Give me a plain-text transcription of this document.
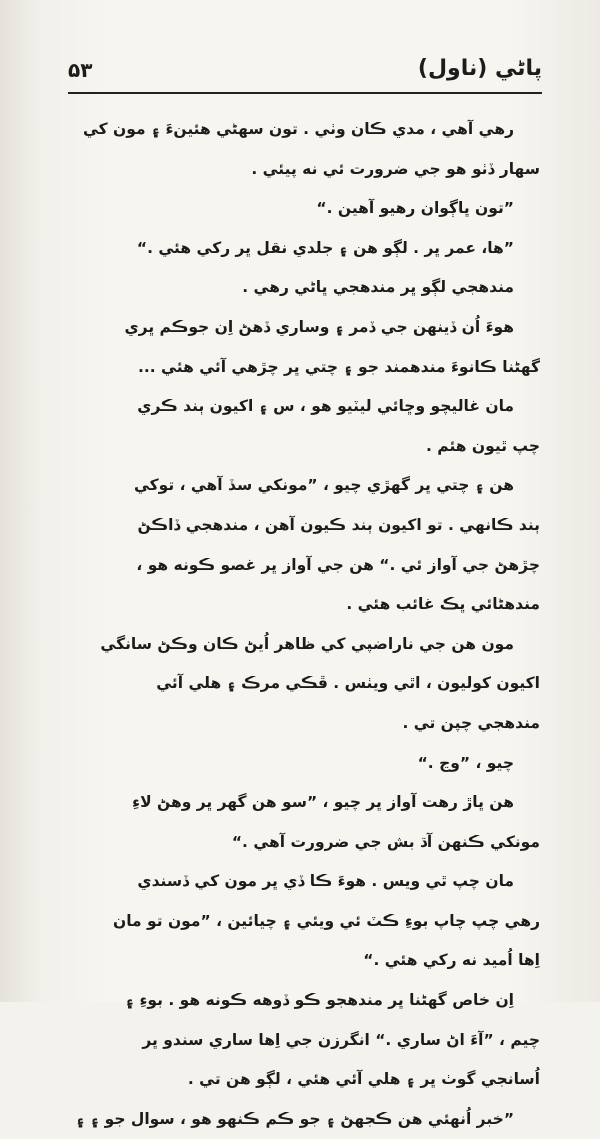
پاڻي (ناول)
۵۳
رهي آهي ، مدي ڪان وٺي . تون سهڻي هئينءَ ۽ مون کي
سهار ڏٺو هو جي ضرورت ئي نه پيئي .
”تون ڀاڳوان رهيو آهين .“
”ها، عمر ڀر . لڳو هن ۽ جلدي نقل ڀر رکي هئي .“
مندهجي لڳو ڀر مندهجي ڀاڻي رهي .
هوءَ اُن ڏينهن جي ڏمر ۽ وساري ڏهڻ اِن جوڪم ڀري
گهڻنا ڪانوءَ مندهمند جو ۽ چتي ڀر چڙهي آئي هئي ...
مان غاليچو وڇائي ليٽيو هو ، س ۽ اکيون ٻند ڪري
چپ ٿيون هئم .
هن ۽ چتي ڀر گهڙي چيو ، ”مونکي سڏ آهي ، توکي
ٻند ڪانهي . تو اکيون ٻند ڪيون آهن ، مندهجي ڏاڪڻ
چڙهڻ جي آواز ئي .“ هن جي آواز ڀر غصو ڪونه هو ،
مندهڻائي ڀڪ غائب هئي .
مون هن جي ناراضپي کي ظاهر اُيڻ ڪان وڪڻ سانگي
اکيون کوليون ، اٿي ويٺس . ڦڪي مرڪ ۽ هلي آئي
مندهجي چپن تي .
چيو ، ”وڃ .“
هن ڀاڙ رهت آواز ڀر چيو ، ”سو هن گهر ڀر وهڻ لاءِ
مونکي ڪنهن آڌ بش جي ضرورت آهي .“
مان چپ ٿي ويس . هوءَ ڪا ڏي ڀر مون کي ڏسندي
رهي چپ چاپ بوءِ ڪٽ ئي ويئي ۽ چيائين ، ”مون تو مان
اِها اُميد نه رکي هئي .“
اِن خاص گهڻنا ڀر مندهجو ڪو ڏوهه ڪونه هو . بوءِ ۽
چيم ، ”آءَ اڻ ساري .“ انگرزن جي اِها ساري سندو ڀر
اُسانجي گوٺ ڀر ۽ هلي آئي هئي ، لڳو هن تي .
”خبر اُنهئي هن ڪجهڻ ۽ جو ڪم ڪنهو هو ، سوال جو ۽ ۽
